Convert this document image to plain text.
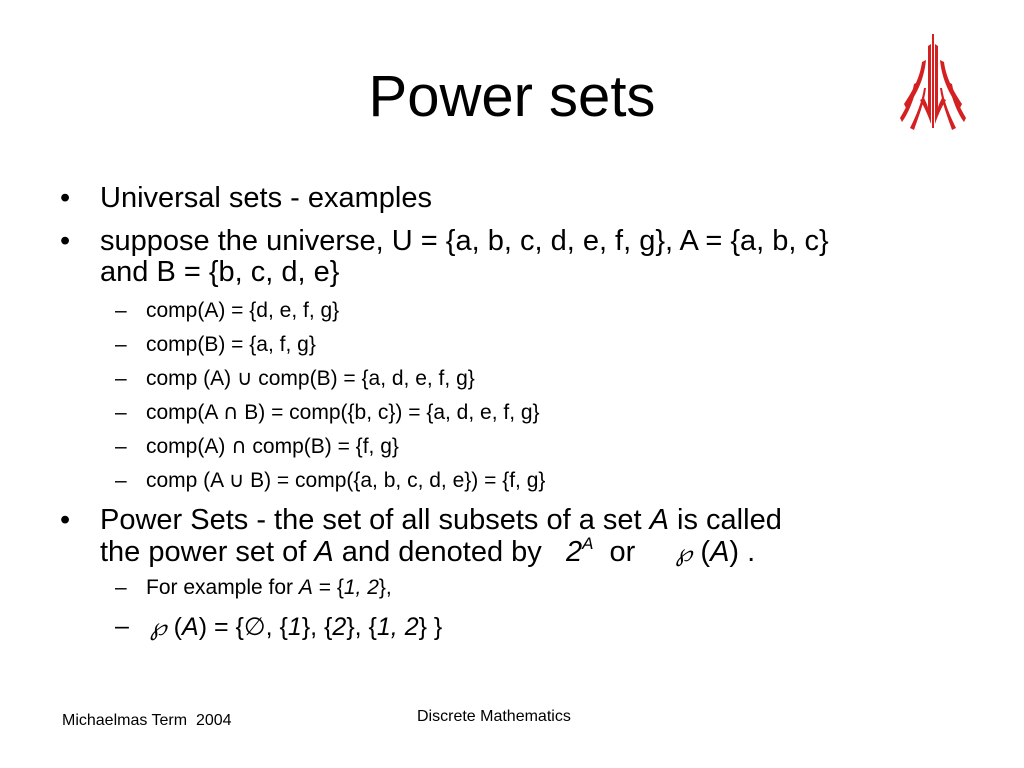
Power sets
• Universal sets - examples

• suppose the universe, U = {a, b, c, d, e, f, g}, A = {a, b, c}

and B = {b, c, d, e}

– comp(A) = {d, e, f, g}

– comp(B) = {a, f, g}

– comp (A) ∪ comp(B) = {a, d, e, f, g}

– comp(A ∩ B) = comp({b, c}) = {a, d, e, f, g}

– comp(A) ∩ comp(B) = {f, g}

– comp (A ∪ B) = comp({a, b, c, d, e}) = {f, g}

• Power Sets - the set of all subsets of a set A is called

the power set of A and denoted by   $2^A$  or     ℘ (A) .

– For example for A = {1, 2},

– ℘ (A) = {∅, {1}, {2}, {1, 2} }

Michaelmas Term  2004	Discrete Mathematics
